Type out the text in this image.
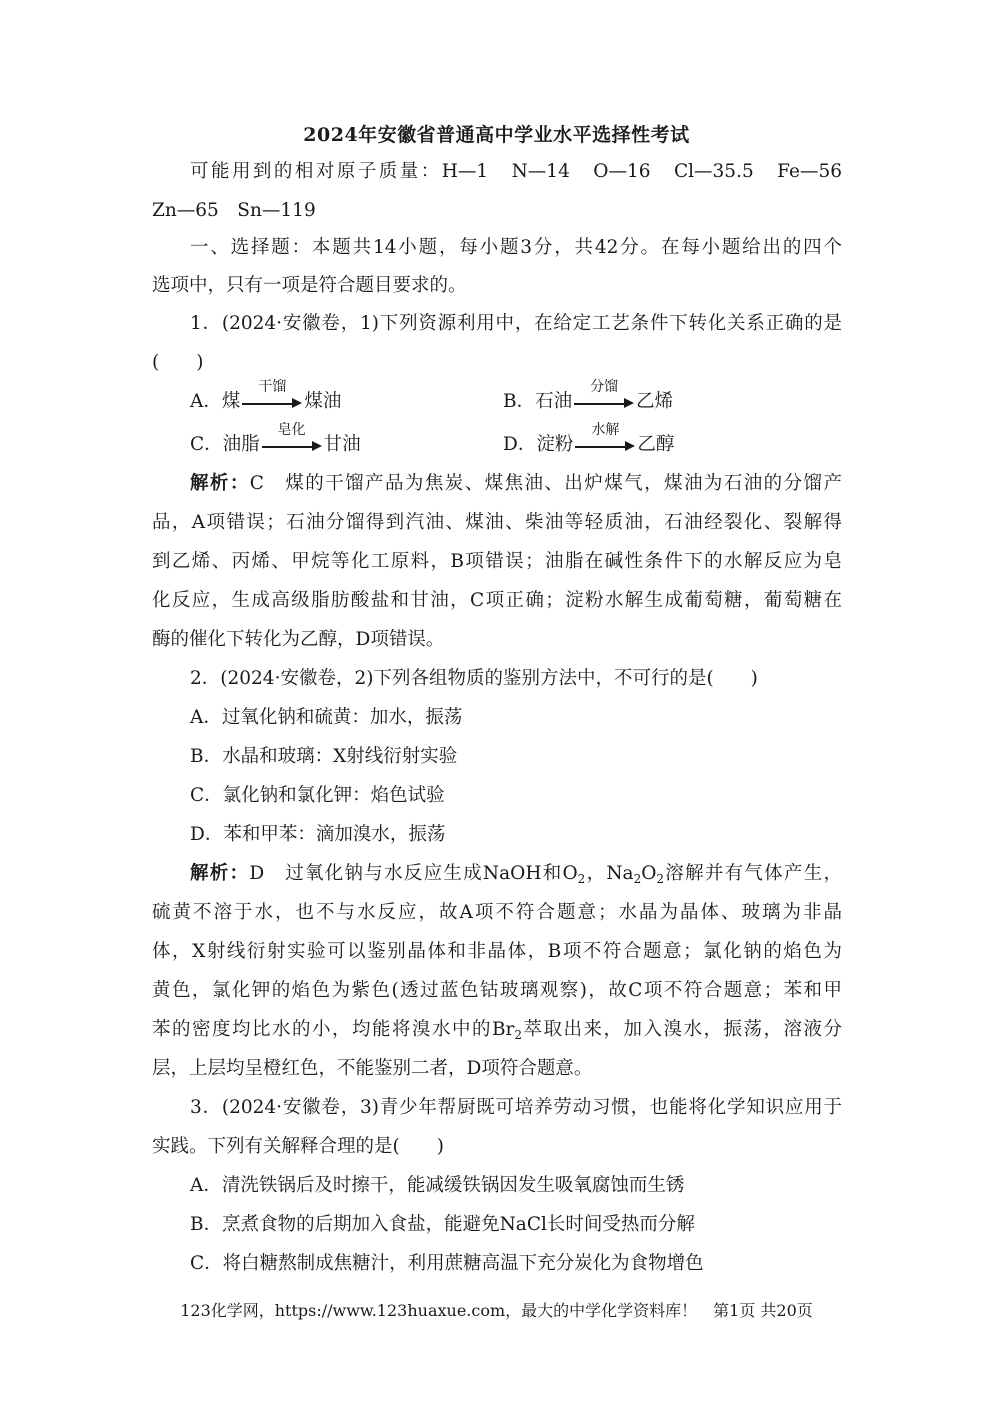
2024年安徽省普通高中学业水平选择性考试
可能用到的相对原子质量：H—1　N—14　O—16　Cl—35.5　Fe—56
Zn—65　Sn—119
一、选择题：本题共14小题，每小题3分，共42分。在每小题给出的四个
选项中，只有一项是符合题目要求的。
1．(2024·安徽卷，1)下列资源利用中，在给定工艺条件下转化关系正确的是
(　　)
A．煤
干馏
煤油	B．石油
分馏
乙烯
C．油脂
皂化
甘油	D．淀粉
水解
乙醇
解析：C　 煤的干馏产品为焦炭、煤焦油、出炉煤气，煤油为石油的分馏产
品，A项错误；石油分馏得到汽油、煤油、柴油等轻质油，石油经裂化、裂解得
到乙烯、丙烯、甲烷等化工原料，B项错误；油脂在碱性条件下的水解反应为皂
化反应，生成高级脂肪酸盐和甘油，C项正确；淀粉水解生成葡萄糖，葡萄糖在
酶的催化下转化为乙醇，D项错误。
2．(2024·安徽卷，2)下列各组物质的鉴别方法中，不可行的是(　　)
A．过氧化钠和硫黄：加水，振荡
B．水晶和玻璃：X射线衍射实验
C．氯化钠和氯化钾：焰色试验
D．苯和甲苯：滴加溴水，振荡
解析：D　 过氧化钠与水反应生成NaOH和$O_2$，$Na_2O_2$溶解并有气体产生，
硫黄不溶于水，也不与水反应，故A项不符合题意；水晶为晶体、玻璃为非晶
体，X射线衍射实验可以鉴别晶体和非晶体，B项不符合题意；氯化钠的焰色为
黄色，氯化钾的焰色为紫色(透过蓝色钴玻璃观察)，故C项不符合题意；苯和甲
苯的密度均比水的小，均能将溴水中的$Br_2$萃取出来，加入溴水，振荡，溶液分
层，上层均呈橙红色，不能鉴别二者，D项符合题意。
3．(2024·安徽卷，3)青少年帮厨既可培养劳动习惯，也能将化学知识应用于
实践。下列有关解释合理的是(　　)
A．清洗铁锅后及时擦干，能减缓铁锅因发生吸氧腐蚀而生锈
B．烹煮食物的后期加入食盐，能避免NaCl长时间受热而分解
C．将白糖熬制成焦糖汁，利用蔗糖高温下充分炭化为食物增色
123化学网，https://www.123huaxue.com，最大的中学化学资料库！　第1页 共20页
